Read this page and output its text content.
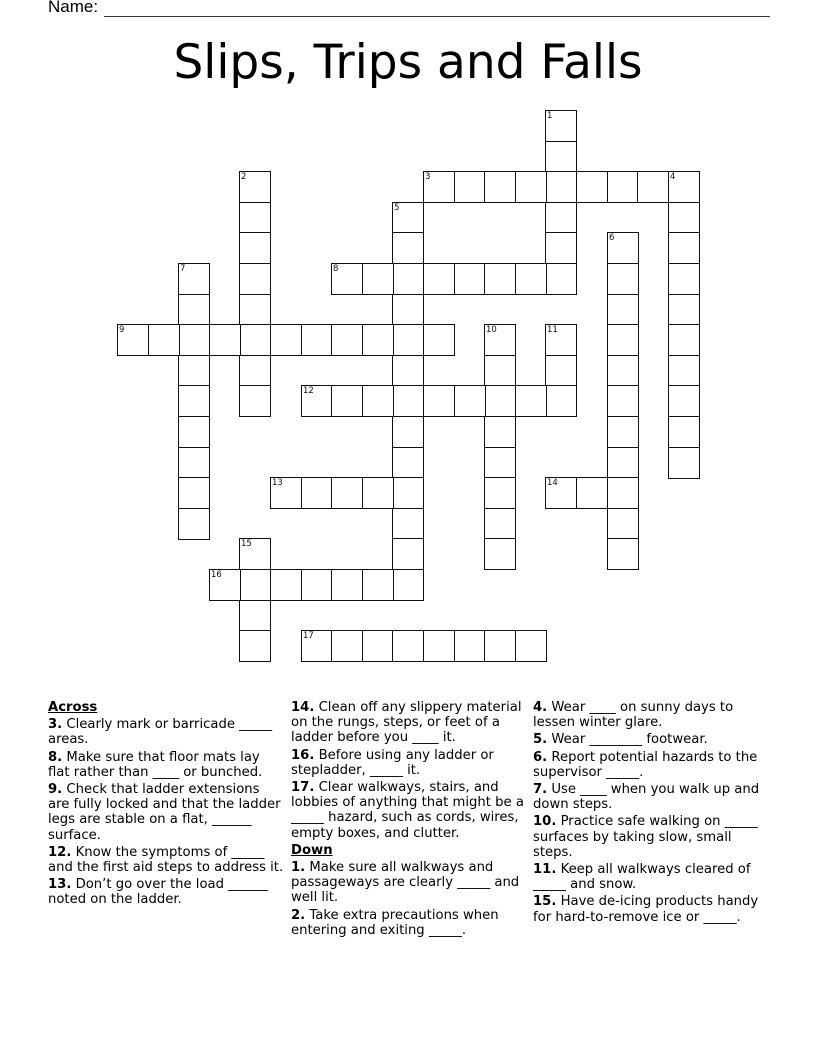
Name:
Slips, Trips and Falls
1
2	3	4
5
6
7	8
9	10	11
12
13	14
15
16
17
Across
3. Clearly mark or barricade _____ areas.
8. Make sure that floor mats lay flat rather than ____ or bunched.
9. Check that ladder extensions are fully locked and that the ladder legs are stable on a flat, ______ surface.
12. Know the symptoms of _____ and the first aid steps to address it.
13. Don’t go over the load ______ noted on the ladder.
14. Clean off any slippery material on the rungs, steps, or feet of a ladder before you ____ it.
16. Before using any ladder or stepladder, _____ it.
17. Clear walkways, stairs, and lobbies of anything that might be a _____ hazard, such as cords, wires, empty boxes, and clutter.
Down
1. Make sure all walkways and passageways are clearly _____ and well lit.
2. Take extra precautions when entering and exiting _____.
4. Wear ____ on sunny days to lessen winter glare.
5. Wear ________ footwear.
6. Report potential hazards to the supervisor _____.
7. Use ____ when you walk up and down steps.
10. Practice safe walking on _____ surfaces by taking slow, small steps.
11. Keep all walkways cleared of _____ and snow.
15. Have de-icing products handy for hard-to-remove ice or _____.
